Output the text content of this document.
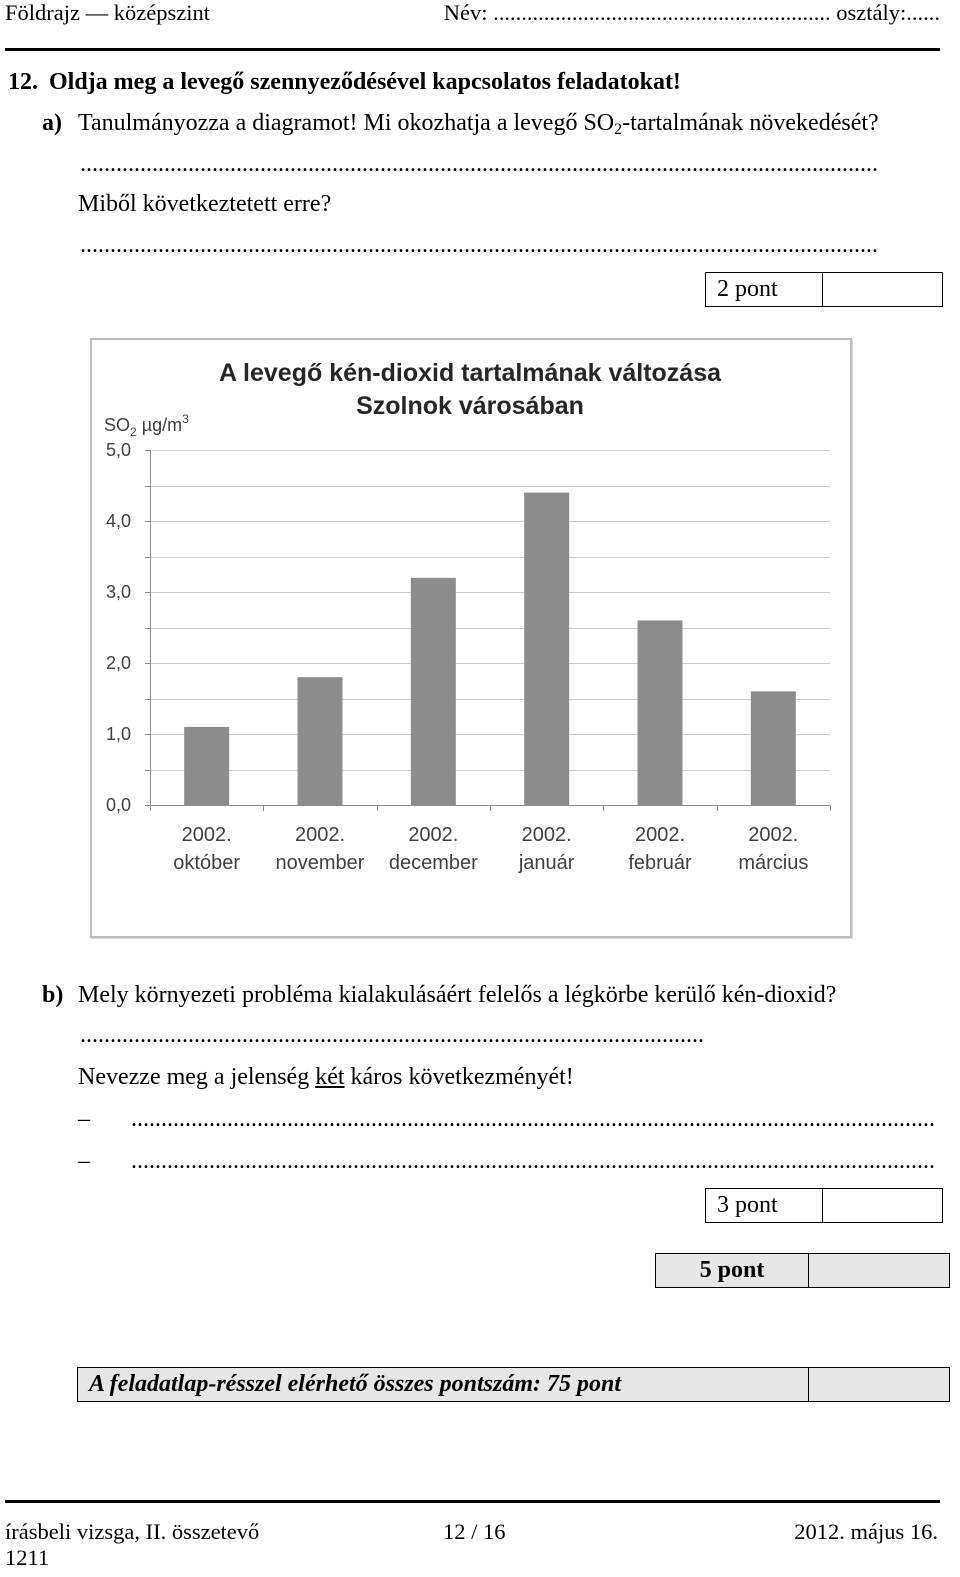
Földrajz — középszint	Név: ............................................................ osztály:......
12. Oldja meg a levegő szennyeződésével kapcsolatos feladatokat!
a) Tanulmányozza a diagramot! Mi okozhatja a levegő $SO_2$-tartalmának növekedését?
.....................................................................................................................................
Miből következtetett erre?
.....................................................................................................................................
2 pont
A levegő kén-dioxid tartalmának változása
Szolnok városában
$SO_2$ $\mu g/m^3$
0,0
1,0
2,0
3,0
4,0
5,0
2002. október
2002. november
2002. december
2002. január
2002. február
2002. március
b) Mely környezeti probléma kialakulásáért felelős a légkörbe kerülő kén-dioxid?
........................................................................................................
Nevezze meg a jelenség két káros következményét!
– ......................................................................................................................................
– ......................................................................................................................................
3 pont
5 pont
A feladatlap-résszel elérhető összes pontszám: 75 pont
írásbeli vizsga, II. összetevő	12 / 16	2012. május 16.
1211
